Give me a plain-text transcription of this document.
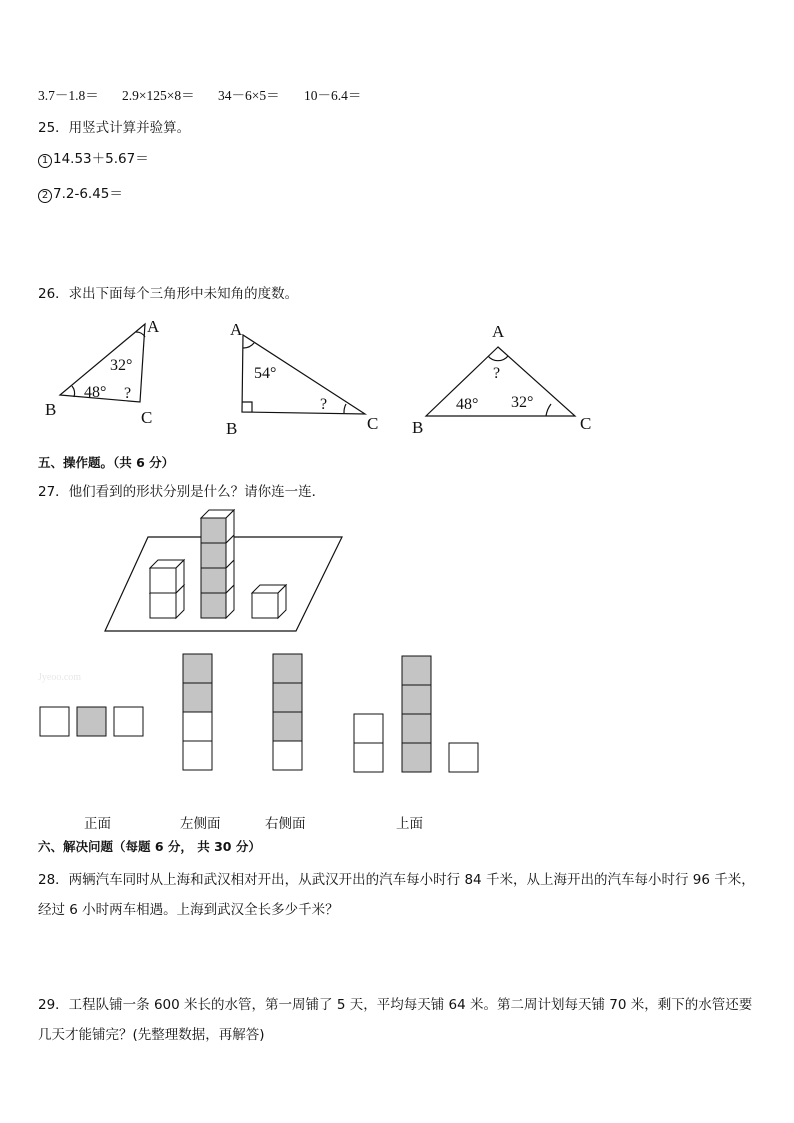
3.7－1.8＝ 2.9×125×8＝ 34－6×5＝ 10－6.4＝
25．用竖式计算并验算。
1 14.53＋5.67＝
2 7.2-6.45＝
26．求出下面每个三角形中未知角的度数。
A
B	C
A
B	C
A
B	C
32°
48° ?
54°
?
?
48° 32°
五、操作题。（共 6 分）
27．他们看到的形状分别是什么？请你连一连．
Jyeoo.com
正面	左侧面	右侧面	上面
六、解决问题（每题 6 分， 共 30 分）
28．两辆汽车同时从上海和武汉相对开出，从武汉开出的汽车每小时行 84 千米，从上海开出的汽车每小时行 96 千米，经过 6 小时两车相遇。上海到武汉全长多少千米？
29．工程队铺一条 600 米长的水管，第一周铺了 5 天，平均每天铺 64 米。第二周计划每天铺 70 米，剩下的水管还要几天才能铺完？(先整理数据，再解答)
